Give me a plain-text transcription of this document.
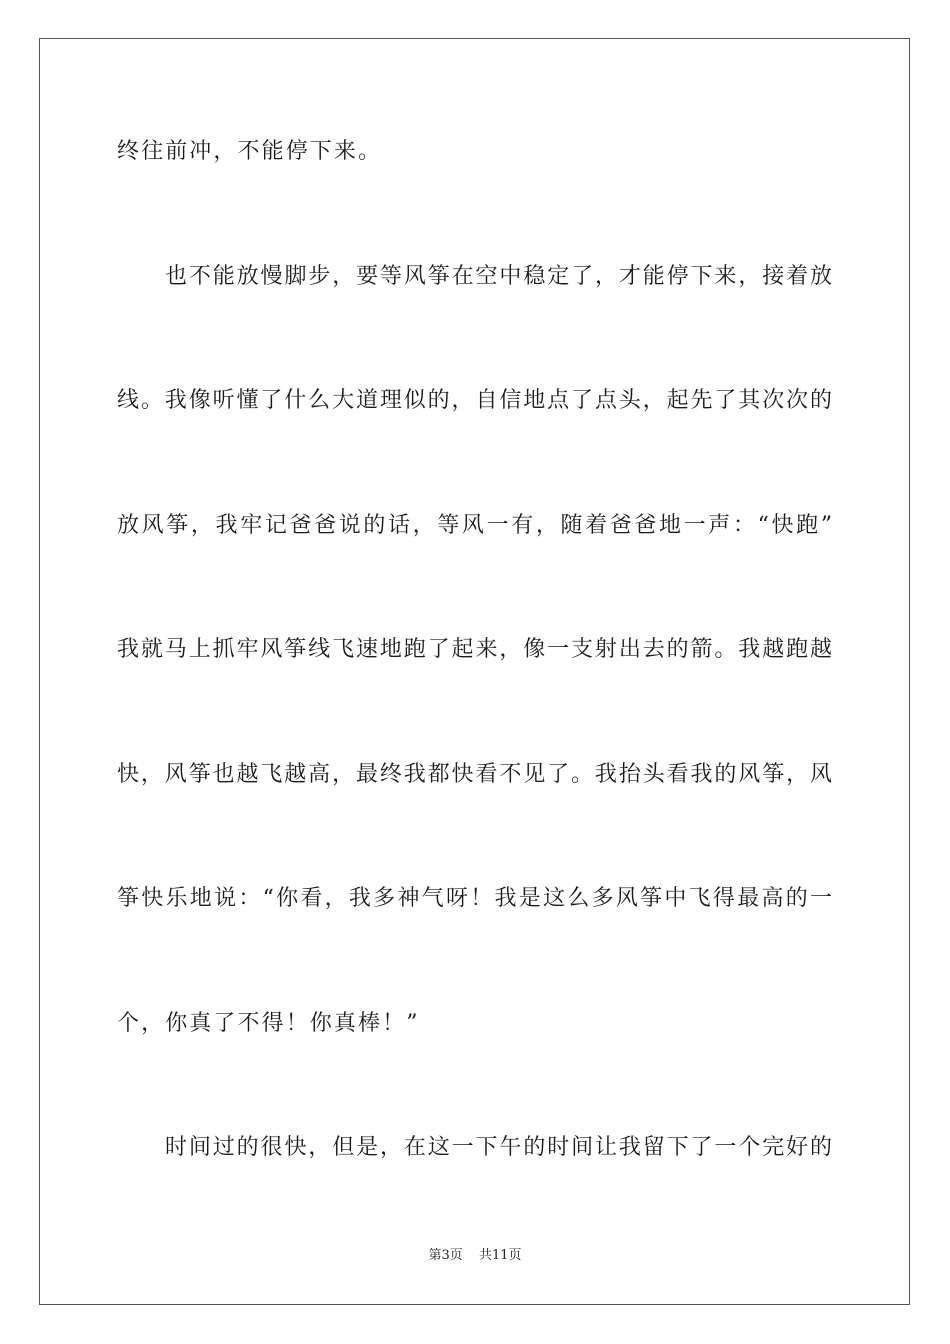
终往前冲，不能停下来。

也不能放慢脚步，要等风筝在空中稳定了，才能停下来，接着放

线。我像听懂了什么大道理似的，自信地点了点头，起先了其次次的

放风筝，我牢记爸爸说的话，等风一有，随着爸爸地一声：“快跑”

我就马上抓牢风筝线飞速地跑了起来，像一支射出去的箭。我越跑越

快，风筝也越飞越高，最终我都快看不见了。我抬头看我的风筝，风

筝快乐地说：“你看，我多神气呀！我是这么多风筝中飞得最高的一

个，你真了不得！你真棒！”

时间过的很快，但是，在这一下午的时间让我留下了一个完好的

第3页 共11页
